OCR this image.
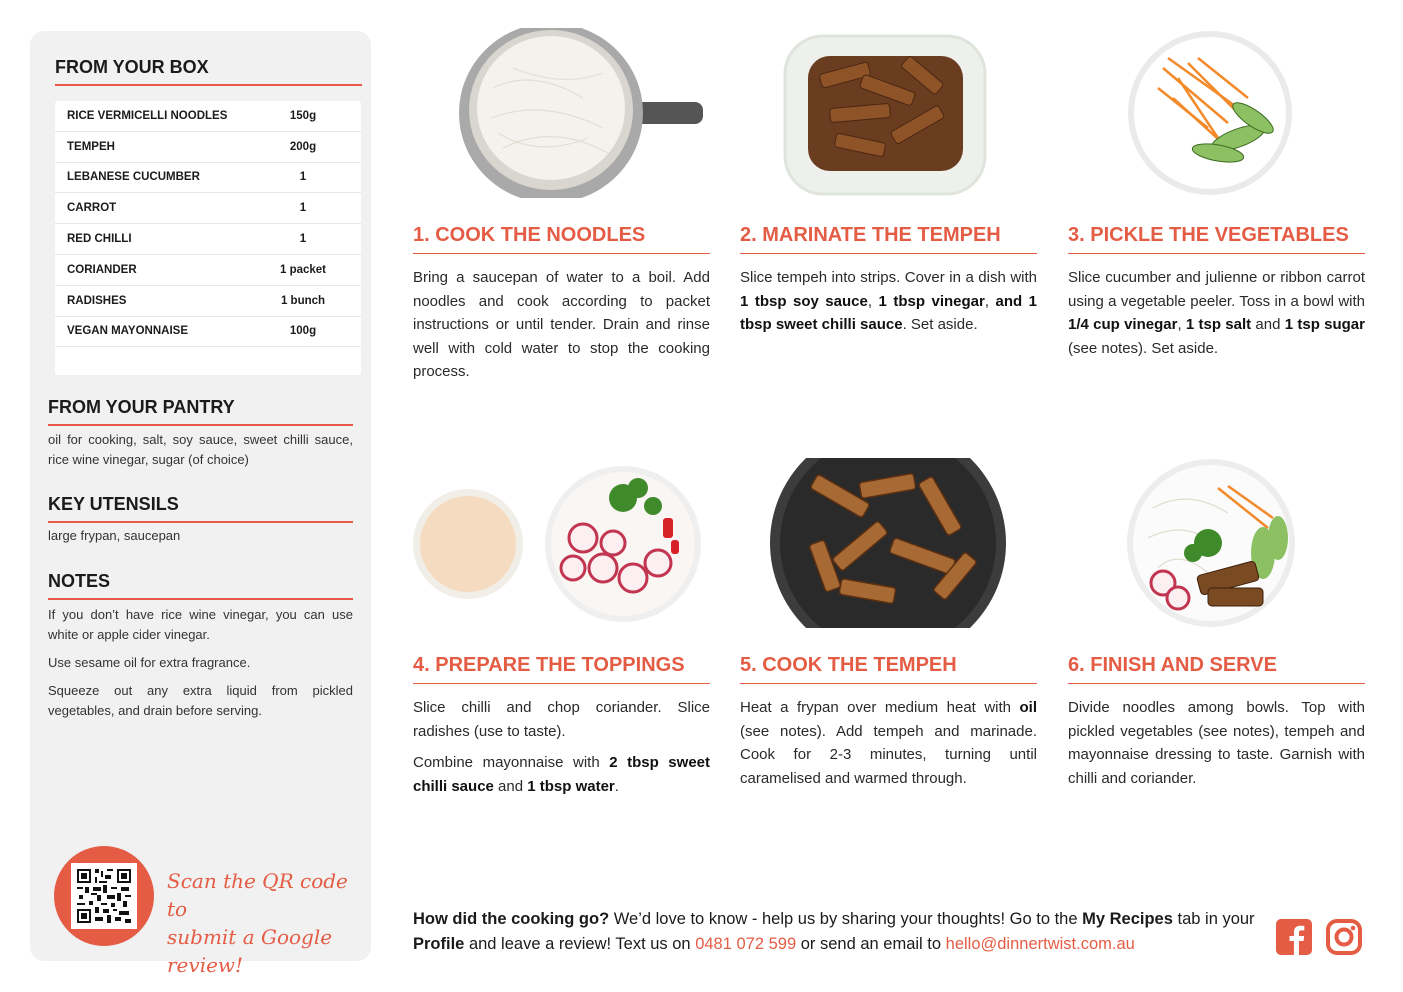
FROM YOUR BOX
RICE VERMICELLI NOODLES	150g
TEMPEH	200g
LEBANESE CUCUMBER	1
CARROT	1
RED CHILLI	1
CORIANDER	1 packet
RADISHES	1 bunch
VEGAN MAYONNAISE	100g
FROM YOUR PANTRY
oil for cooking, salt, soy sauce, sweet chilli sauce, rice wine vinegar, sugar (of choice)
KEY UTENSILS
large frypan, saucepan
NOTES

If you don’t have rice wine vinegar, you can use white or apple cider vinegar.

Use sesame oil for extra fragrance.

Squeeze out any extra liquid from pickled vegetables, and drain before serving.

Scan the QR code to
submit a Google review!
1. COOK THE NOODLES

Bring a saucepan of water to a boil. Add noodles and cook according to packet instructions or until tender. Drain and rinse well with cold water to stop the cooking process.

2. MARINATE THE TEMPEH

Slice tempeh into strips. Cover in a dish with 1 tbsp soy sauce, 1 tbsp vinegar, and 1 tbsp sweet chilli sauce. Set aside.

3. PICKLE THE VEGETABLES

Slice cucumber and julienne or ribbon carrot using a vegetable peeler. Toss in a bowl with 1/4 cup vinegar, 1 tsp salt and 1 tsp sugar (see notes). Set aside.

4. PREPARE THE TOPPINGS

Slice chilli and chop coriander. Slice radishes (use to taste).

Combine mayonnaise with 2 tbsp sweet chilli sauce and 1 tbsp water.

5. COOK THE TEMPEH

Heat a frypan over medium heat with oil (see notes). Add tempeh and marinade. Cook for 2-3 minutes, turning until caramelised and warmed through.

6. FINISH AND SERVE

Divide noodles among bowls. Top with pickled vegetables (see notes), tempeh and mayonnaise dressing to taste. Garnish with chilli and coriander.

How did the cooking go? We’d love to know - help us by sharing your thoughts! Go to the My Recipes tab in your Profile and leave a review! Text us on 0481 072 599 or send an email to hello@dinnertwist.com.au
